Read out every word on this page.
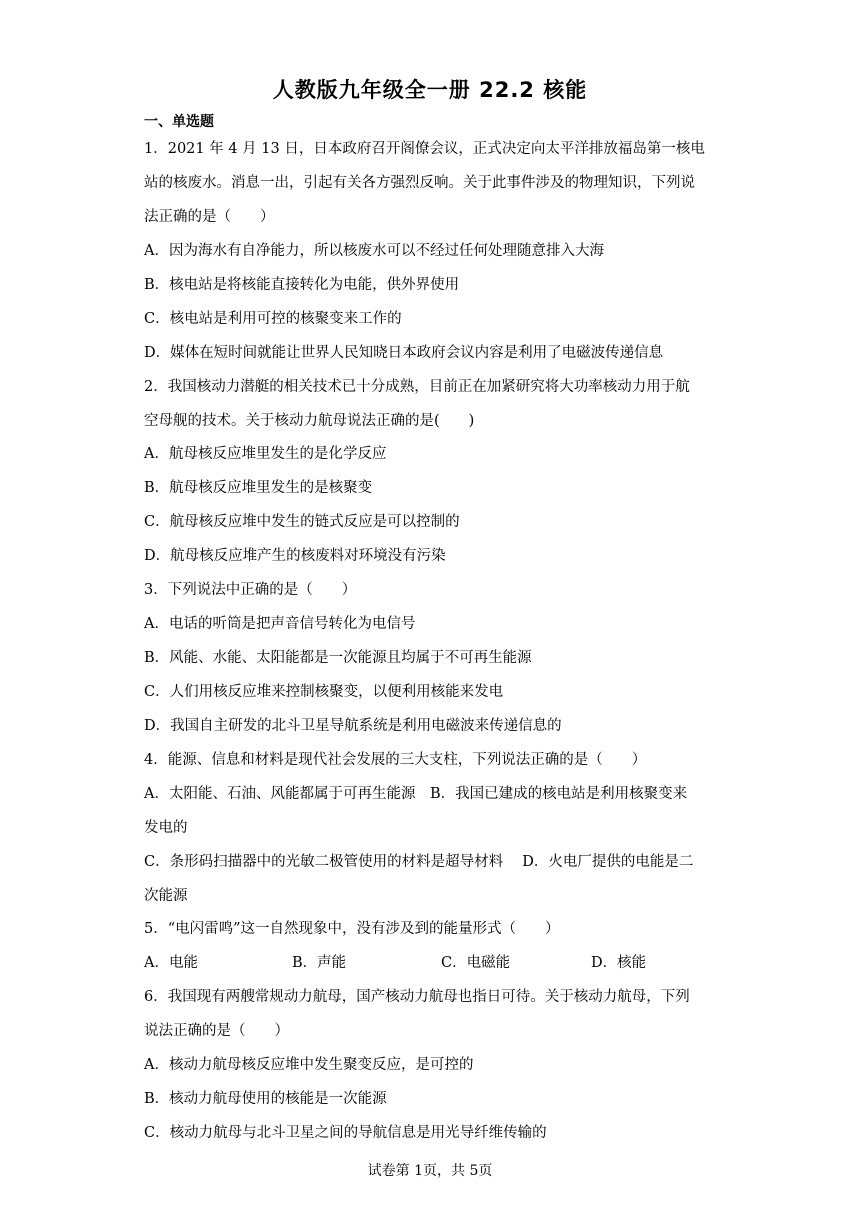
人教版九年级全一册 22.2 核能
一、单选题
1．2021 年 4 月 13 日，日本政府召开阁僚会议，正式决定向太平洋排放福岛第一核电
站的核废水。消息一出，引起有关各方强烈反响。关于此事件涉及的物理知识，下列说
法正确的是（　　）
A．因为海水有自净能力，所以核废水可以不经过任何处理随意排入大海
B．核电站是将核能直接转化为电能，供外界使用
C．核电站是利用可控的核聚变来工作的
D．媒体在短时间就能让世界人民知晓日本政府会议内容是利用了电磁波传递信息
2．我国核动力潜艇的相关技术已十分成熟，目前正在加紧研究将大功率核动力用于航
空母舰的技术。关于核动力航母说法正确的是(　　)
A．航母核反应堆里发生的是化学反应
B．航母核反应堆里发生的是核聚变
C．航母核反应堆中发生的链式反应是可以控制的
D．航母核反应堆产生的核废料对环境没有污染
3．下列说法中正确的是（　　）
A．电话的听筒是把声音信号转化为电信号
B．风能、水能、太阳能都是一次能源且均属于不可再生能源
C．人们用核反应堆来控制核聚变，以便利用核能来发电
D．我国自主研发的北斗卫星导航系统是利用电磁波来传递信息的
4．能源、信息和材料是现代社会发展的三大支柱，下列说法正确的是（　　）
A．太阳能、石油、风能都属于可再生能源　B．我国已建成的核电站是利用核聚变来
发电的
C．条形码扫描器中的光敏二极管使用的材料是超导材料　 D．火电厂提供的电能是二
次能源
5．“电闪雷鸣”这一自然现象中，没有涉及到的能量形式（　　）
A．电能	B．声能	C．电磁能	D．核能
6．我国现有两艘常规动力航母，国产核动力航母也指日可待。关于核动力航母，下列
说法正确的是（　　）
A．核动力航母核反应堆中发生聚变反应，是可控的
B．核动力航母使用的核能是一次能源
C．核动力航母与北斗卫星之间的导航信息是用光导纤维传输的
试卷第 1页，共 5页
